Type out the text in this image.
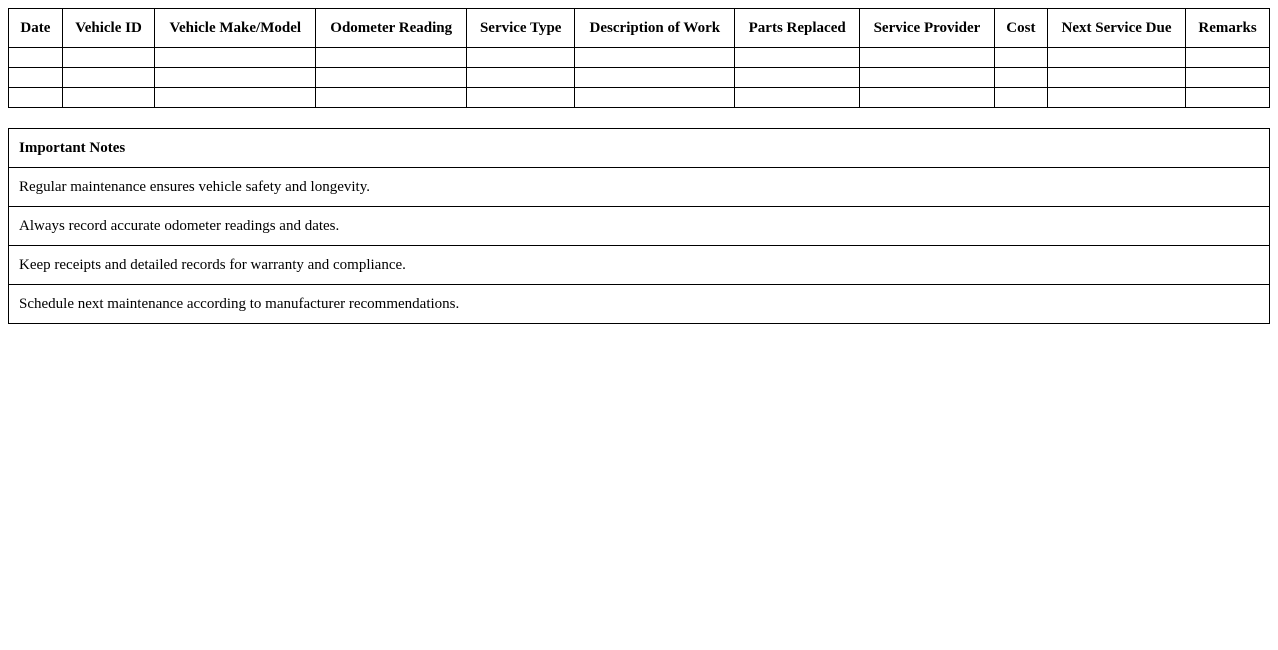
Date	Vehicle ID	Vehicle Make/Model	Odometer Reading	Service Type	Description of Work	Parts Replaced	Service Provider	Cost	Next Service Due	Remarks

Important Notes
Regular maintenance ensures vehicle safety and longevity.
Always record accurate odometer readings and dates.
Keep receipts and detailed records for warranty and compliance.
Schedule next maintenance according to manufacturer recommendations.
